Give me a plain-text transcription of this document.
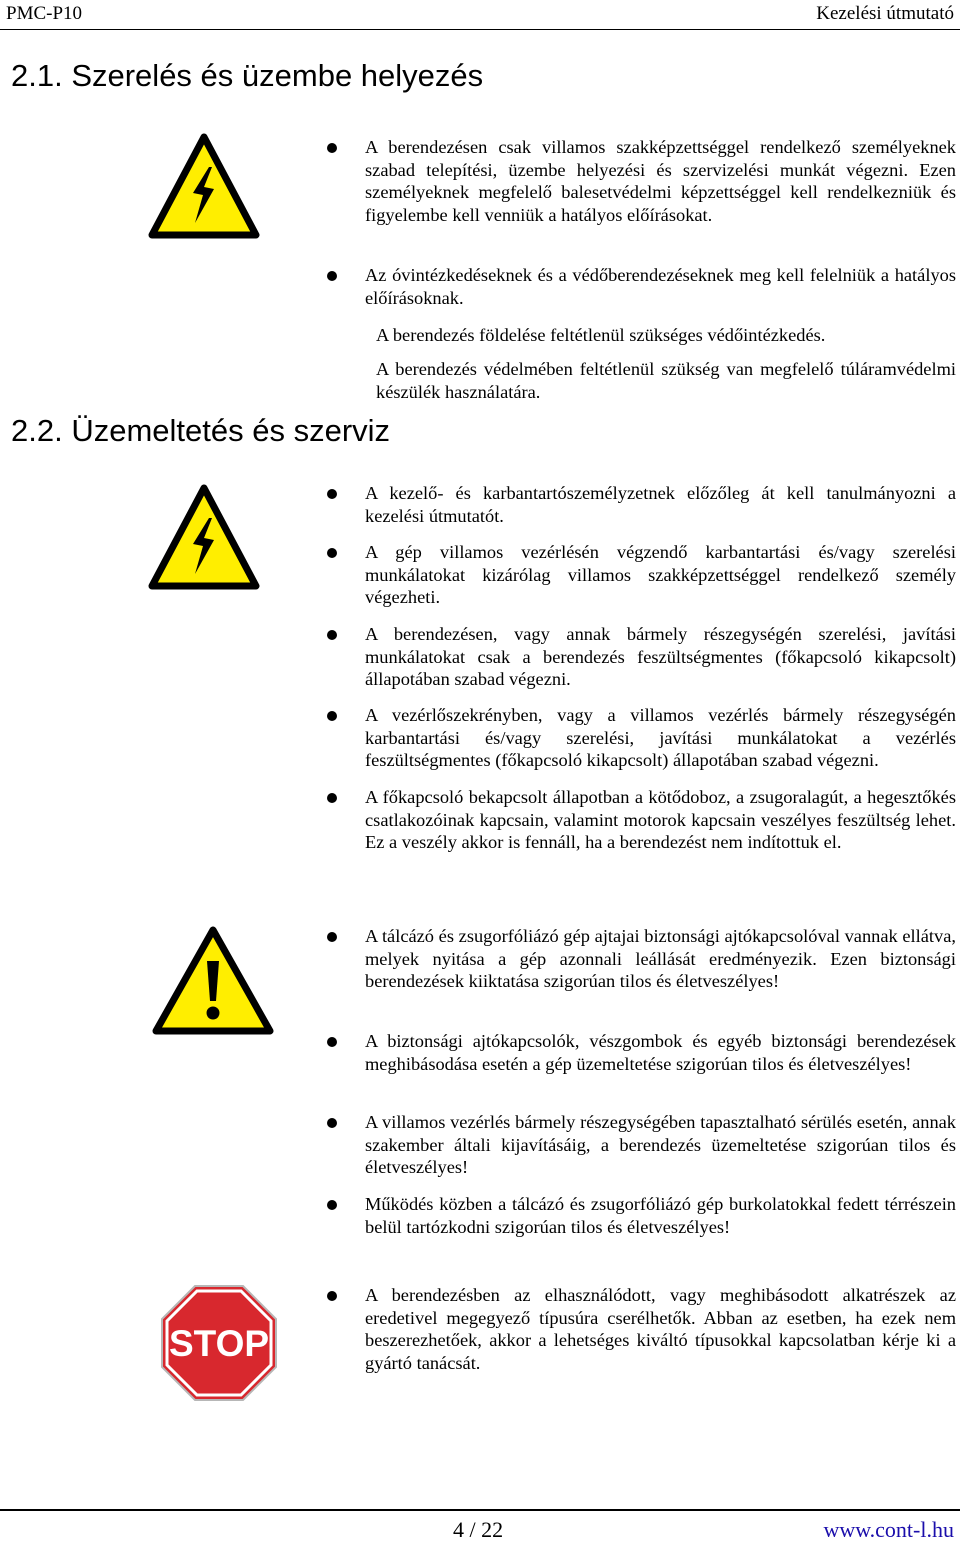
PMC-P10	Kezelési útmutató
2.1. Szerelés és üzembe helyezés
2.2. Üzemeltetés és szerviz
STOP

A berendezésen csak villamos szakképzettséggel rendelkező személyeknek szabad telepítési, üzembe helyezési és szervizelési munkát végezni. Ezen személyeknek megfelelő balesetvédelmi képzettséggel kell rendelkezniük és figyelembe kell venniük a hatályos előírásokat.

Az óvintézkedéseknek és a védőberendezéseknek meg kell felelniük a hatályos előírásoknak.

A berendezés földelése feltétlenül szükséges védőintézkedés.

A berendezés védelmében feltétlenül szükség van megfelelő túláramvédelmi készülék használatára.

A kezelő- és karbantartószemélyzetnek előzőleg át kell tanulmányozni a kezelési útmutatót.

A gép villamos vezérlésén végzendő karbantartási és/vagy szerelési munkálatokat kizárólag villamos szakképzettséggel rendelkező személy végezheti.

A berendezésen, vagy annak bármely részegységén szerelési, javítási munkálatokat csak a berendezés feszültségmentes (főkapcsoló kikapcsolt) állapotában szabad végezni.

A vezérlőszekrényben, vagy a villamos vezérlés bármely részegységén karbantartási és/vagy szerelési, javítási munkálatokat a vezérlés feszültségmentes (főkapcsoló kikapcsolt) állapotában szabad végezni.

A főkapcsoló bekapcsolt állapotban a kötődoboz, a zsugoralagút, a hegesztőkés csatlakozóinak kapcsain, valamint motorok kapcsain veszélyes feszültség lehet. Ez a veszély akkor is fennáll, ha a berendezést nem indítottuk el.

A tálcázó és zsugorfóliázó gép ajtajai biztonsági ajtókapcsolóval vannak ellátva, melyek nyitása a gép azonnali leállását eredményezik. Ezen biztonsági berendezések kiiktatása szigorúan tilos és életveszélyes!

A biztonsági ajtókapcsolók, vészgombok és egyéb biztonsági berendezések meghibásodása esetén a gép üzemeltetése szigorúan tilos és életveszélyes!

A villamos vezérlés bármely részegységében tapasztalható sérülés esetén, annak szakember általi kijavításáig, a berendezés üzemeltetése szigorúan tilos és életveszélyes!

Működés közben a tálcázó és zsugorfóliázó gép burkolatokkal fedett térrészein belül tartózkodni szigorúan tilos és életveszélyes!

A berendezésben az elhasználódott, vagy meghibásodott alkatrészek az eredetivel megegyező típusúra cserélhetők. Abban az esetben, ha ezek nem beszerezhetőek, akkor a lehetséges kiváltó típusokkal kapcsolatban kérje ki a gyártó tanácsát.

4 / 22	www.cont-l.hu
